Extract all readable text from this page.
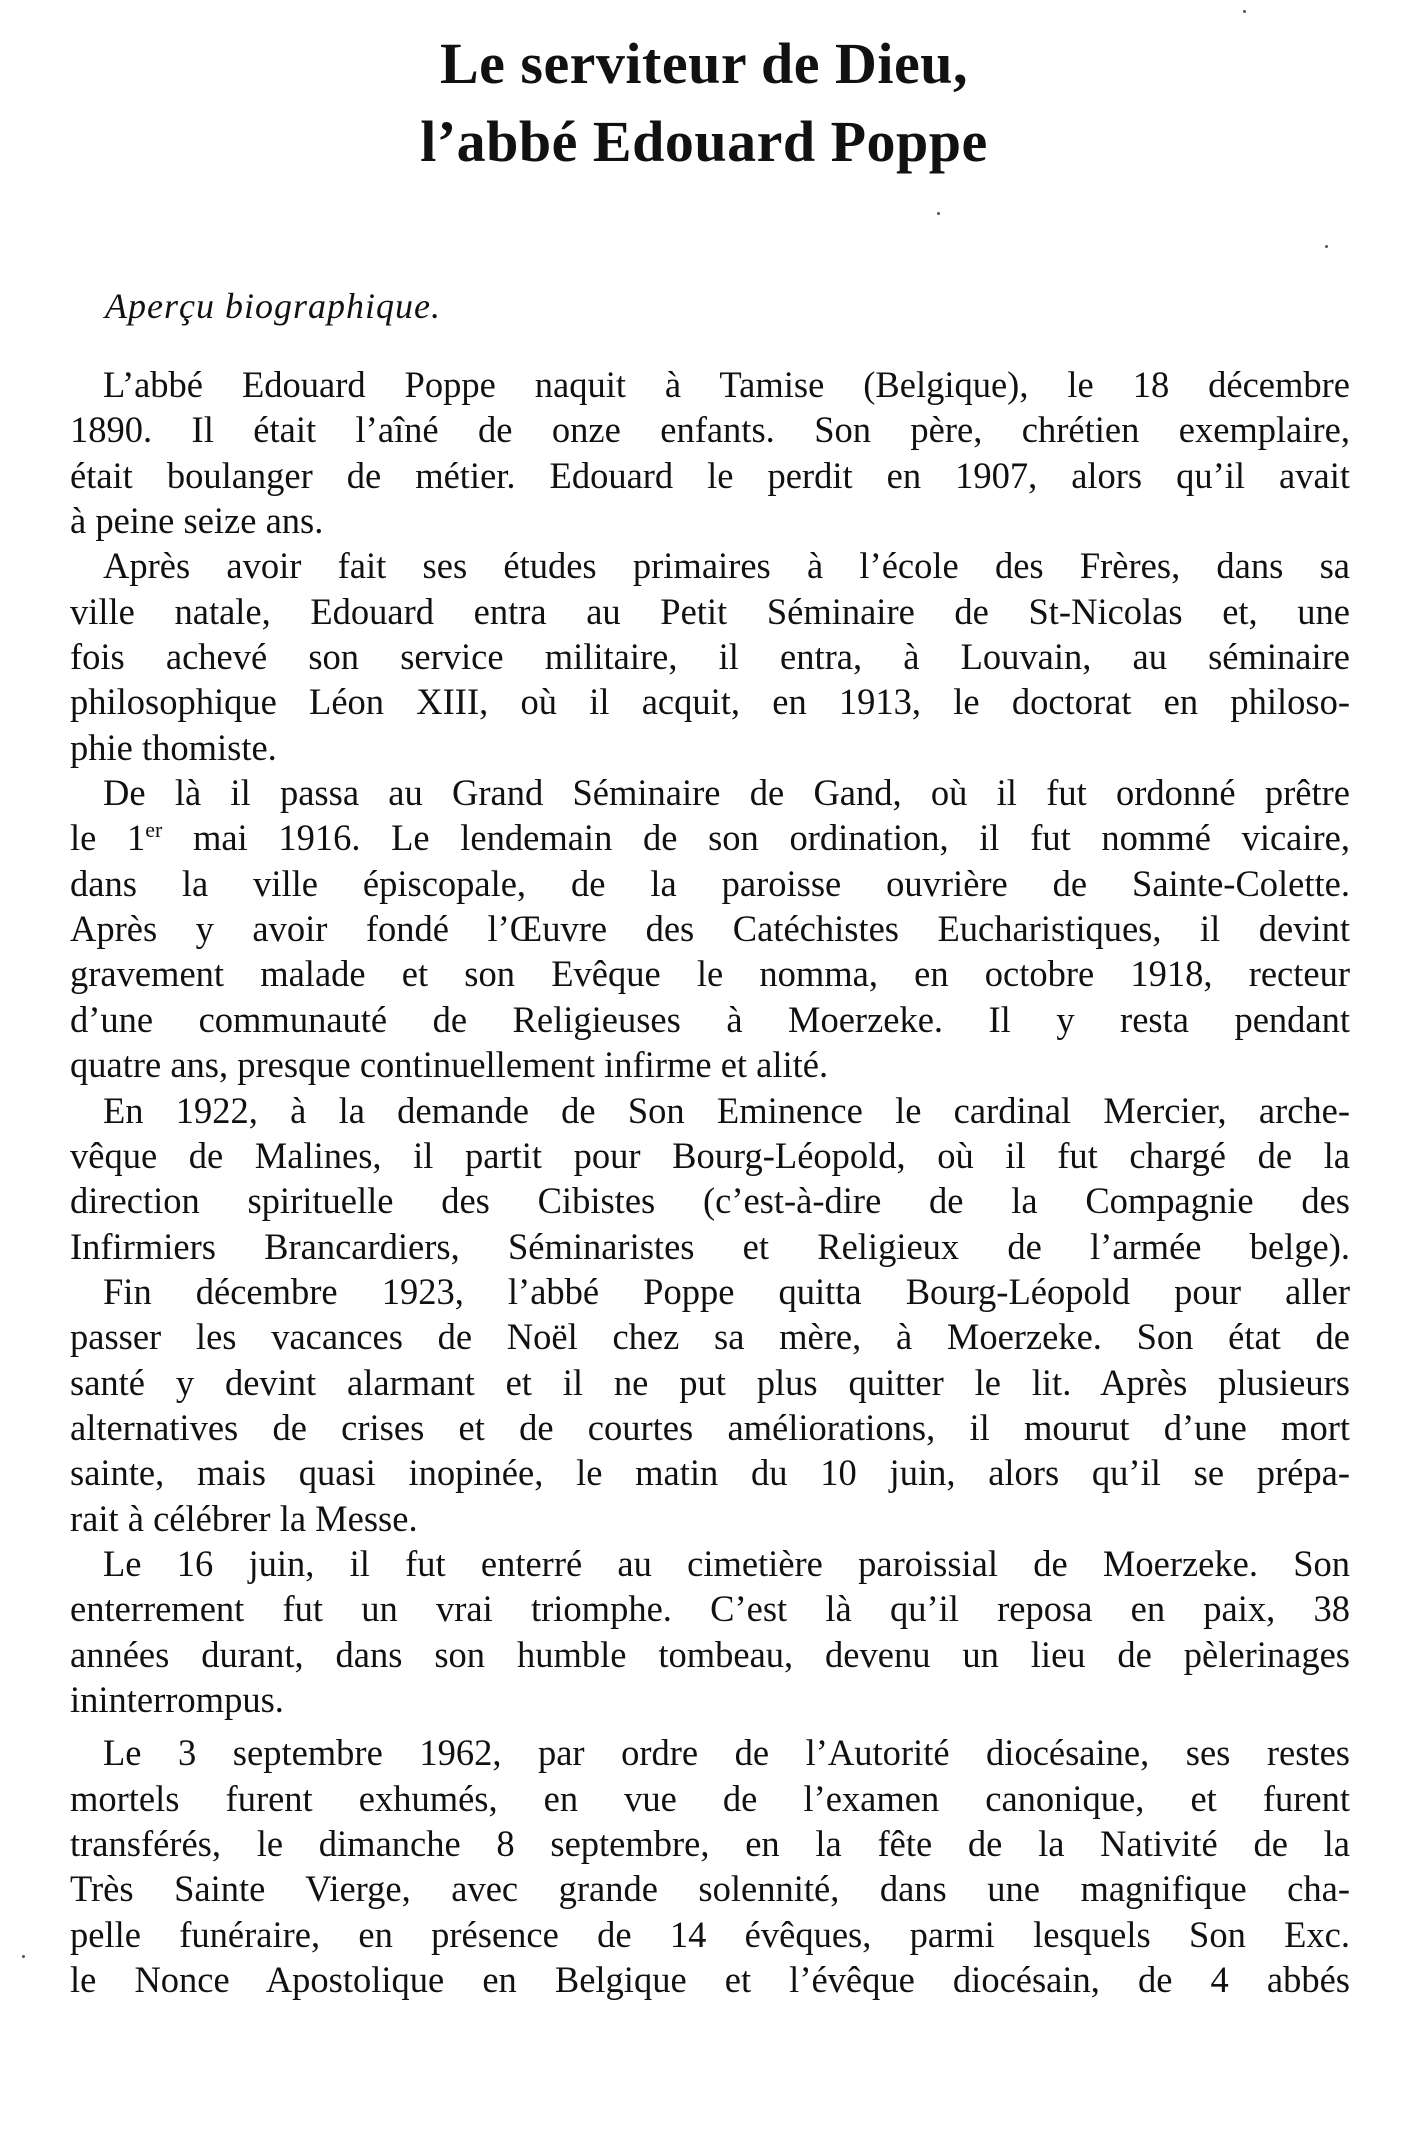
Le serviteur de Dieu,
l’abbé Edouard Poppe

Aperçu biographique.

L’abbé Edouard Poppe naquit à Tamise (Belgique), le 18 décembre
1890. Il était l’aîné de onze enfants. Son père, chrétien exemplaire,
était boulanger de métier. Edouard le perdit en 1907, alors qu’il avait
à peine seize ans.
Après avoir fait ses études primaires à l’école des Frères, dans sa
ville natale, Edouard entra au Petit Séminaire de St-Nicolas et, une
fois achevé son service militaire, il entra, à Louvain, au séminaire
philosophique Léon XIII, où il acquit, en 1913, le doctorat en philoso-
phie thomiste.
De là il passa au Grand Séminaire de Gand, où il fut ordonné prêtre
le 1er mai 1916. Le lendemain de son ordination, il fut nommé vicaire,
dans la ville épiscopale, de la paroisse ouvrière de Sainte-Colette.
Après y avoir fondé l’Œuvre des Catéchistes Eucharistiques, il devint
gravement malade et son Evêque le nomma, en octobre 1918, recteur
d’une communauté de Religieuses à Moerzeke. Il y resta pendant
quatre ans, presque continuellement infirme et alité.
En 1922, à la demande de Son Eminence le cardinal Mercier, arche-
vêque de Malines, il partit pour Bourg-Léopold, où il fut chargé de la
direction spirituelle des Cibistes (c’est-à-dire de la Compagnie des
Infirmiers Brancardiers, Séminaristes et Religieux de l’armée belge).
Fin décembre 1923, l’abbé Poppe quitta Bourg-Léopold pour aller
passer les vacances de Noël chez sa mère, à Moerzeke. Son état de
santé y devint alarmant et il ne put plus quitter le lit. Après plusieurs
alternatives de crises et de courtes améliorations, il mourut d’une mort
sainte, mais quasi inopinée, le matin du 10 juin, alors qu’il se prépa-
rait à célébrer la Messe.
Le 16 juin, il fut enterré au cimetière paroissial de Moerzeke. Son
enterrement fut un vrai triomphe. C’est là qu’il reposa en paix, 38
années durant, dans son humble tombeau, devenu un lieu de pèlerinages
ininterrompus.
Le 3 septembre 1962, par ordre de l’Autorité diocésaine, ses restes
mortels furent exhumés, en vue de l’examen canonique, et furent
transférés, le dimanche 8 septembre, en la fête de la Nativité de la
Très Sainte Vierge, avec grande solennité, dans une magnifique cha-
pelle funéraire, en présence de 14 évêques, parmi lesquels Son Exc.
le Nonce Apostolique en Belgique et l’évêque diocésain, de 4 abbés
